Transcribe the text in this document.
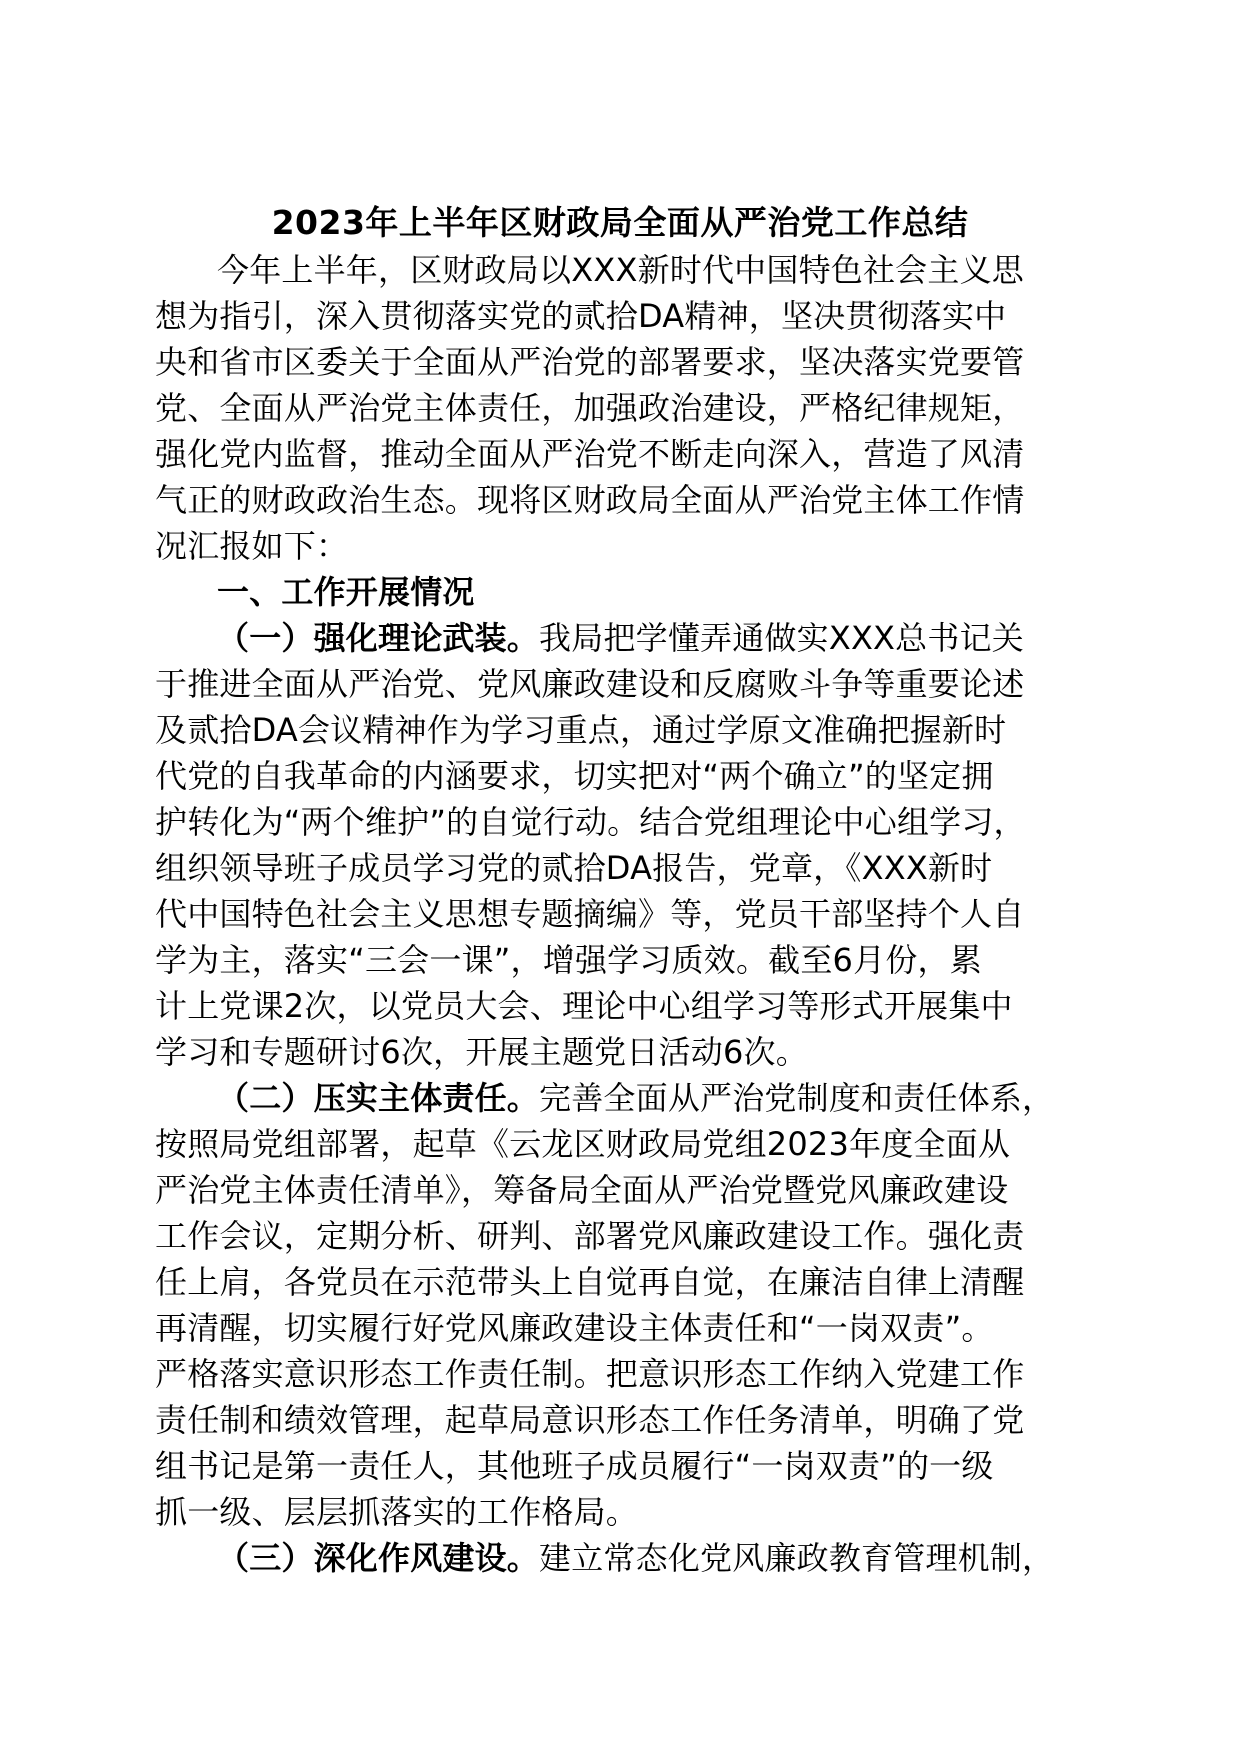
2023年上半年区财政局全面从严治党工作总结
今年上半年，区财政局以XXX新时代中国特色社会主义思
想为指引，深入贯彻落实党的贰拾DA精神，坚决贯彻落实中
央和省市区委关于全面从严治党的部署要求，坚决落实党要管
党、全面从严治党主体责任，加强政治建设，严格纪律规矩，
强化党内监督，推动全面从严治党不断走向深入，营造了风清
气正的财政政治生态。现将区财政局全面从严治党主体工作情
况汇报如下：
一、工作开展情况
（一）强化理论武装。我局把学懂弄通做实XXX总书记关
于推进全面从严治党、党风廉政建设和反腐败斗争等重要论述
及贰拾DA会议精神作为学习重点，通过学原文准确把握新时
代党的自我革命的内涵要求，切实把对“两个确立”的坚定拥
护转化为“两个维护”的自觉行动。结合党组理论中心组学习，
组织领导班子成员学习党的贰拾DA报告，党章，《XXX新时
代中国特色社会主义思想专题摘编》等，党员干部坚持个人自
学为主，落实“三会一课”，增强学习质效。截至6月份，累
计上党课2次，以党员大会、理论中心组学习等形式开展集中
学习和专题研讨6次，开展主题党日活动6次。
（二）压实主体责任。完善全面从严治党制度和责任体系，
按照局党组部署，起草《云龙区财政局党组2023年度全面从
严治党主体责任清单》，筹备局全面从严治党暨党风廉政建设
工作会议，定期分析、研判、部署党风廉政建设工作。强化责
任上肩，各党员在示范带头上自觉再自觉，在廉洁自律上清醒
再清醒，切实履行好党风廉政建设主体责任和“一岗双责”。
严格落实意识形态工作责任制。把意识形态工作纳入党建工作
责任制和绩效管理，起草局意识形态工作任务清单，明确了党
组书记是第一责任人，其他班子成员履行“一岗双责”的一级
抓一级、层层抓落实的工作格局。
（三）深化作风建设。建立常态化党风廉政教育管理机制，
